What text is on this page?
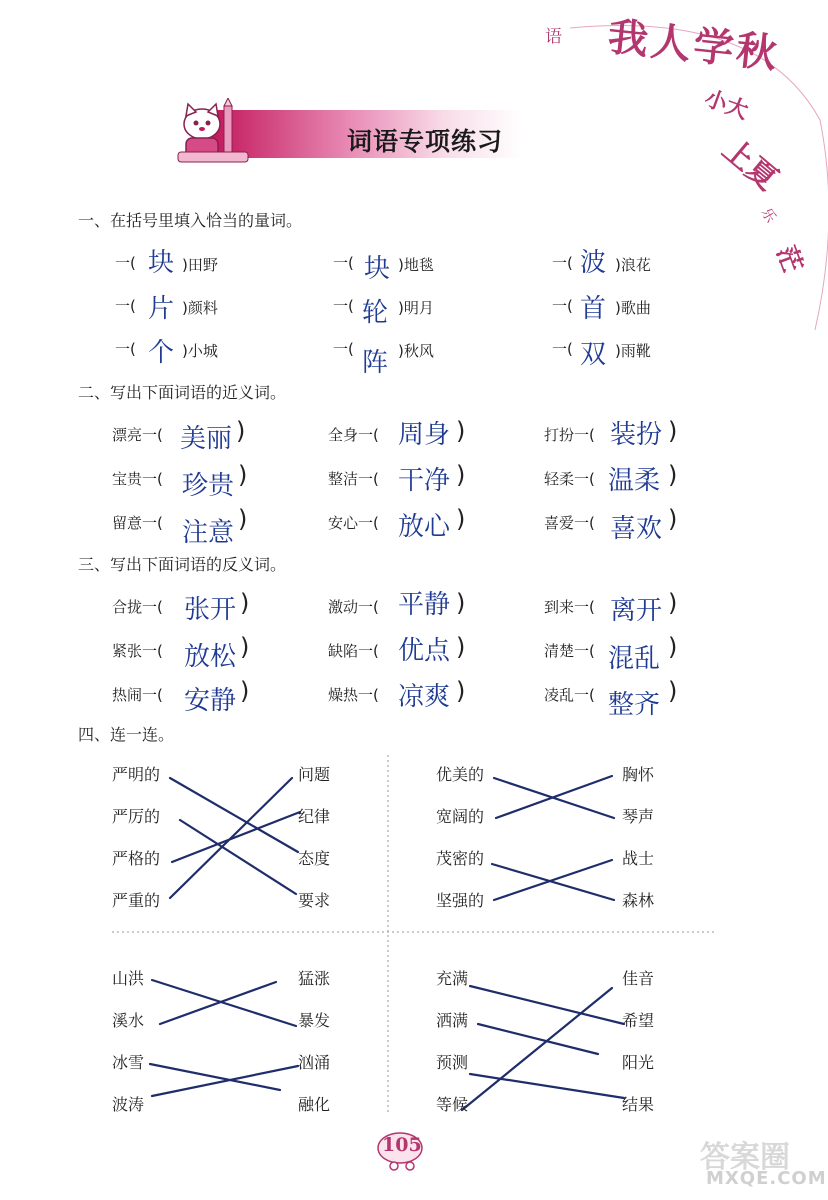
语 我人学秋
小大
上夏
乐
茫
词语专项练习
一、在括号里填入恰当的量词。
二、写出下面词语的近义词。
三、写出下面词语的反义词。
四、连一连。
一( 块 )田野	一( 块 )地毯	一( 波 )浪花
一( 片 )颜料	一( 轮 )明月	一( 首 )歌曲
一( 个 )小城	一( 阵 )秋风	一( 双 )雨靴
漂亮一( 美丽 )	全身一( 周身 )	打扮一( 装扮 )
宝贵一( 珍贵 )	整洁一( 干净 )	轻柔一( 温柔 )
留意一( 注意 )	安心一( 放心 )	喜爱一( 喜欢 )
合拢一( 张开 )	激动一( 平静 )	到来一( 离开 )
紧张一( 放松 )	缺陷一( 优点 )	清楚一( 混乱 )
热闹一( 安静 )	燥热一( 凉爽 )	凌乱一( 整齐 )
严明的
严厉的
严格的
严重的
问题
纪律
态度
要求
优美的
宽阔的
茂密的
坚强的
胸怀
琴声
战士
森林
山洪
溪水
冰雪
波涛
猛涨
暴发
汹涌
融化
充满
洒满
预测
等候
佳音
希望
阳光
结果
105	答案圈
MXQE.COM
